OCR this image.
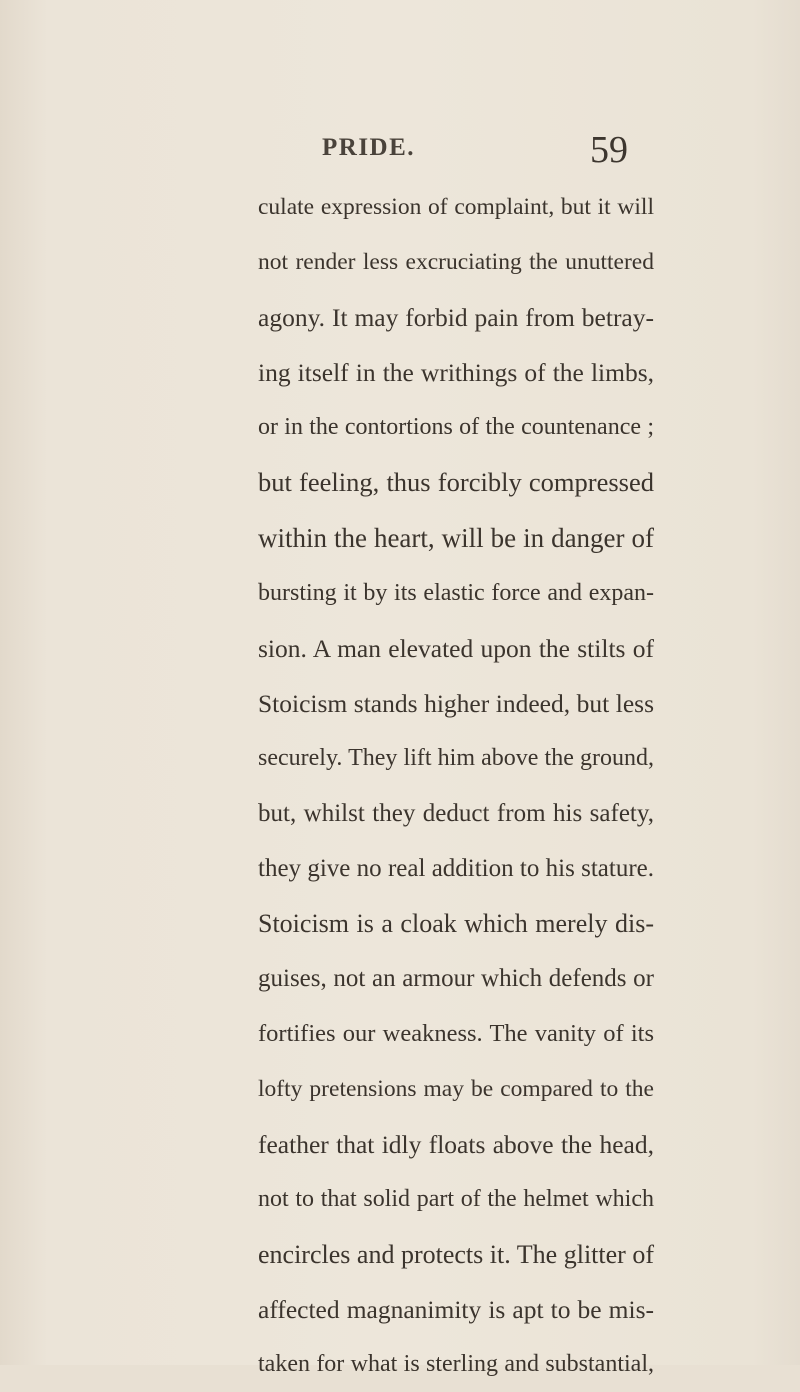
PRIDE.	59
culate expression of complaint, but it will
not render less excruciating the unuttered
agony. It may forbid pain from betray-
ing itself in the writhings of the limbs,
or in the contortions of the countenance ;
but feeling, thus forcibly compressed
within the heart, will be in danger of
bursting it by its elastic force and expan-
sion. A man elevated upon the stilts of
Stoicism stands higher indeed, but less
securely. They lift him above the ground,
but, whilst they deduct from his safety,
they give no real addition to his stature.
Stoicism is a cloak which merely dis-
guises, not an armour which defends or
fortifies our weakness. The vanity of its
lofty pretensions may be compared to the
feather that idly floats above the head,
not to that solid part of the helmet which
encircles and protects it. The glitter of
affected magnanimity is apt to be mis-
taken for what is sterling and substantial,
